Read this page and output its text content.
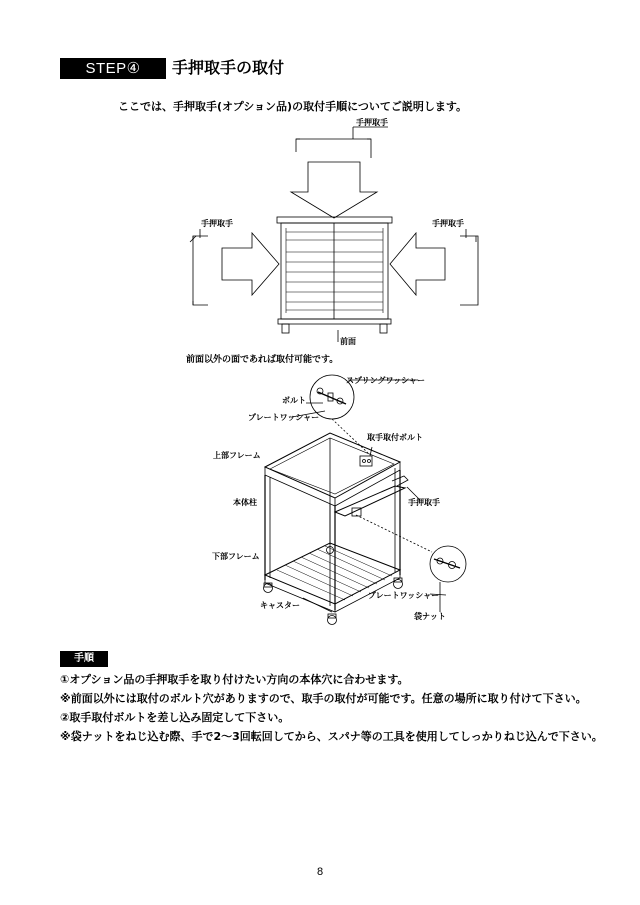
STEP④	手押取手の取付
ここでは、手押取手(オプション品)の取付手順についてご説明します。
手押取手
手押取手	手押取手
前面
前面以外の面であれば取付可能です。
スプリングワッシャー
ボルト
プレートワッシャー
取手取付ボルト
上部フレーム
本体柱	手押取手
下部フレーム
キャスター
プレートワッシャー
袋ナット
手順
①オプション品の手押取手を取り付けたい方向の本体穴に合わせます。
※前面以外には取付のボルト穴がありますので、取手の取付が可能です。任意の場所に取り付けて下さい。
②取手取付ボルトを差し込み固定して下さい。
※袋ナットをねじ込む際、手で2～3回転回してから、スパナ等の工具を使用してしっかりねじ込んで下さい。
8
